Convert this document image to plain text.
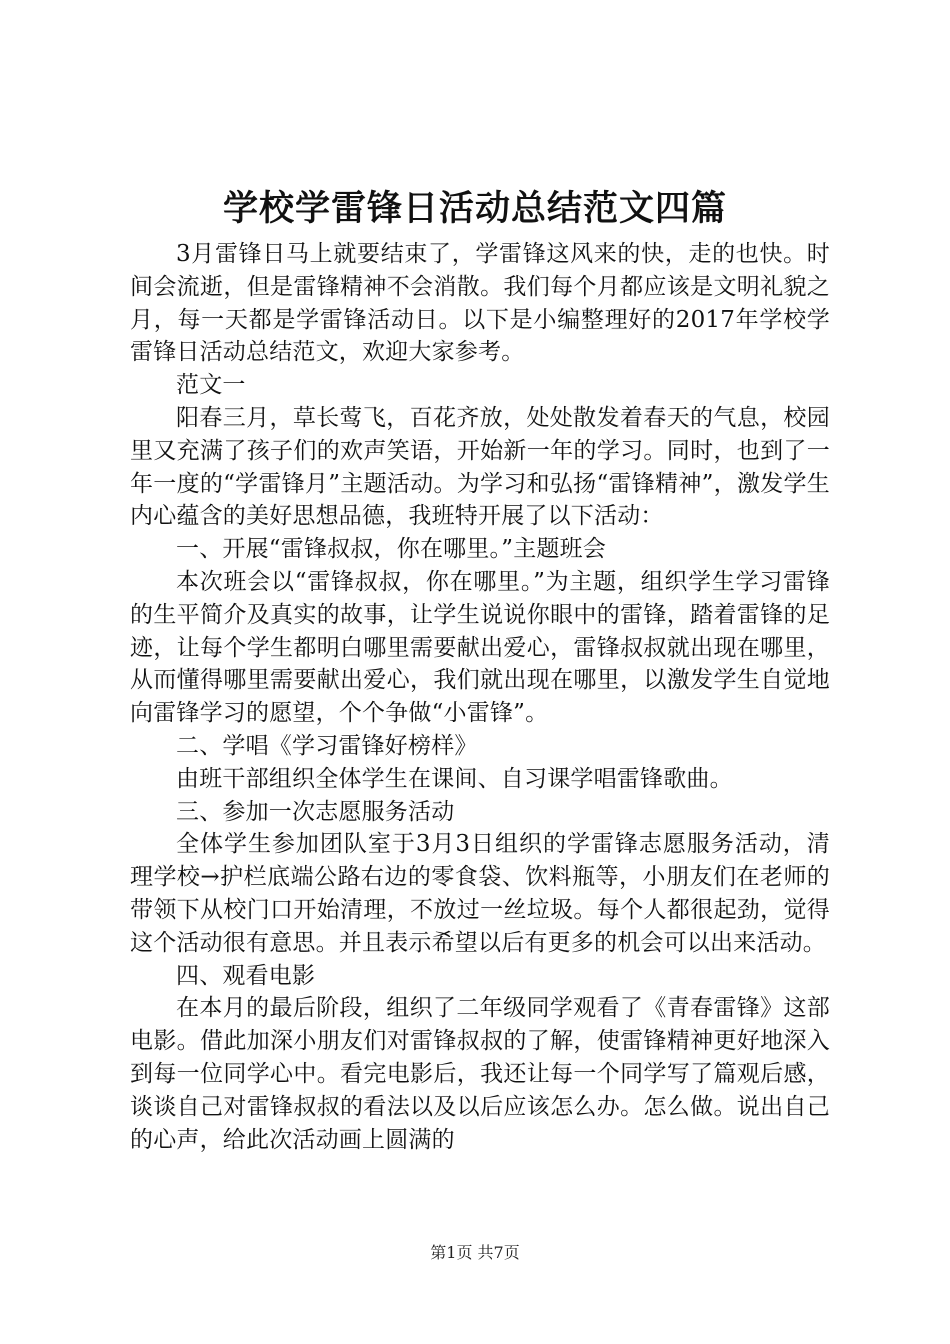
学校学雷锋日活动总结范文四篇

3月雷锋日马上就要结束了，学雷锋这风来的快，走的也快。时间会流逝，但是雷锋精神不会消散。我们每个月都应该是文明礼貌之月，每一天都是学雷锋活动日。以下是小编整理好的2017年学校学雷锋日活动总结范文，欢迎大家参考。

范文一

阳春三月，草长莺飞，百花齐放，处处散发着春天的气息，校园里又充满了孩子们的欢声笑语，开始新一年的学习。同时，也到了一年一度的“学雷锋月”主题活动。为学习和弘扬“雷锋精神”，激发学生内心蕴含的美好思想品德，我班特开展了以下活动：

一、开展“雷锋叔叔，你在哪里。”主题班会

本次班会以“雷锋叔叔，你在哪里。”为主题，组织学生学习雷锋的生平简介及真实的故事，让学生说说你眼中的雷锋，踏着雷锋的足迹，让每个学生都明白哪里需要献出爱心，雷锋叔叔就出现在哪里，从而懂得哪里需要献出爱心，我们就出现在哪里，以激发学生自觉地向雷锋学习的愿望，个个争做“小雷锋”。

二、学唱《学习雷锋好榜样》

由班干部组织全体学生在课间、自习课学唱雷锋歌曲。

三、参加一次志愿服务活动

全体学生参加团队室于3月3日组织的学雷锋志愿服务活动，清理学校→护栏底端公路右边的零食袋、饮料瓶等，小朋友们在老师的带领下从校门口开始清理，不放过一丝垃圾。每个人都很起劲，觉得这个活动很有意思。并且表示希望以后有更多的机会可以出来活动。

四、观看电影

在本月的最后阶段，组织了二年级同学观看了《青春雷锋》这部电影。借此加深小朋友们对雷锋叔叔的了解，使雷锋精神更好地深入到每一位同学心中。看完电影后，我还让每一个同学写了篇观后感，谈谈自己对雷锋叔叔的看法以及以后应该怎么办。怎么做。说出自己的心声，给此次活动画上圆满的

第1页 共7页
